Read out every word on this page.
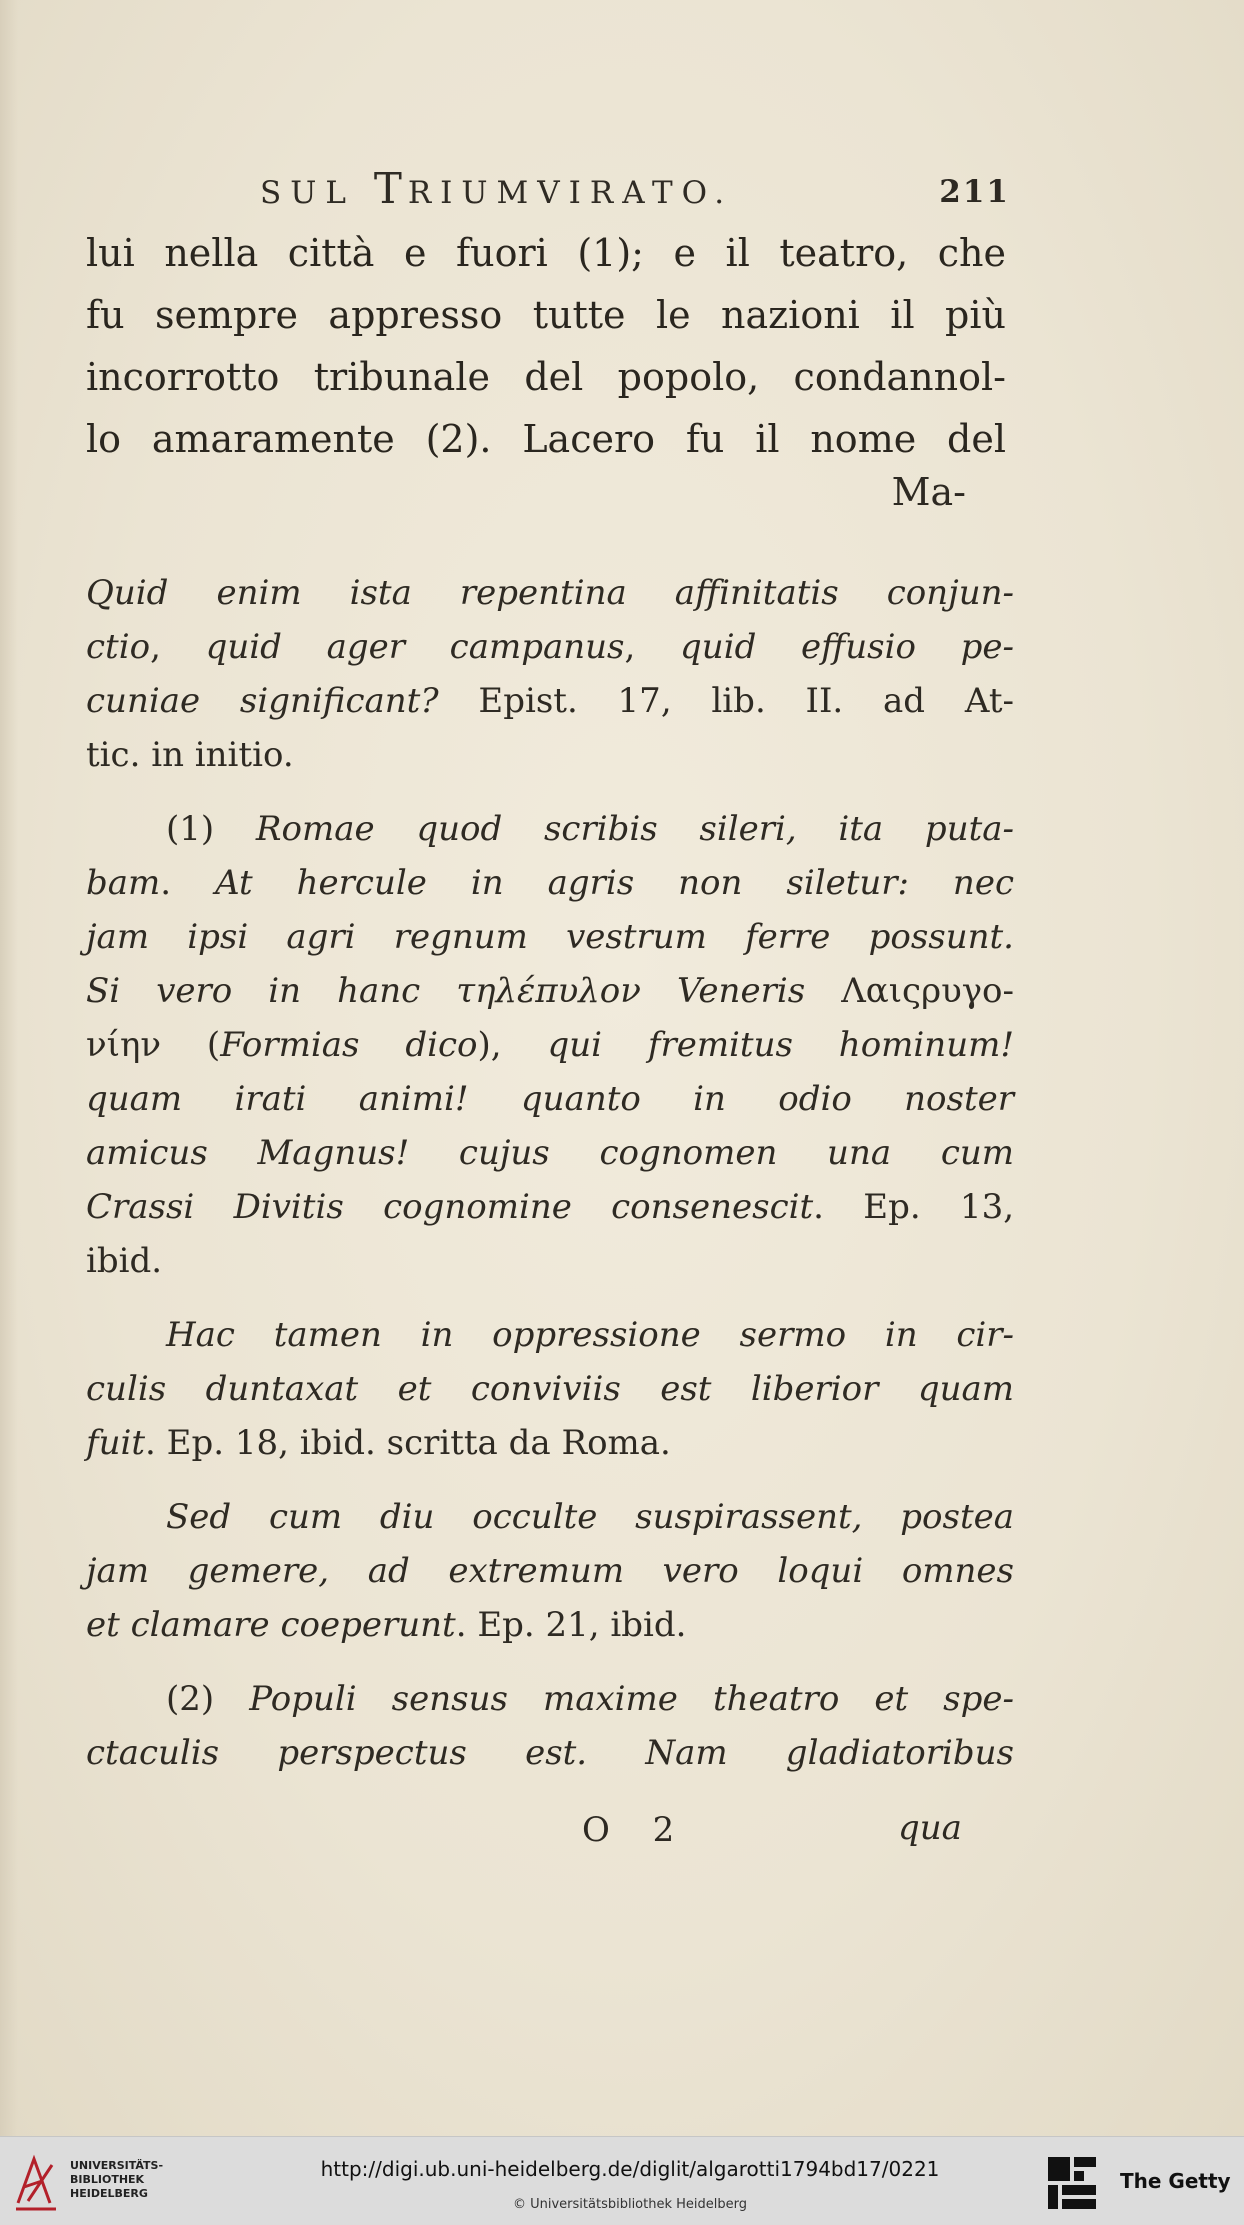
SUL TRIUMVIRATO.	211
lui nella città e fuori (1); e il teatro, che
fu sempre appresso tutte le nazioni il più
incorrotto tribunale del popolo, condannol-
lo amaramente (2). Lacero fu il nome del
Ma-
Quid enim ista repentina affinitatis conjun-
ctio, quid ager campanus, quid effusio pe-
cuniae significant? Epist. 17, lib. II. ad At-
tic. in initio.
(1) Romae quod scribis sileri, ita puta-
bam. At hercule in agris non siletur: nec
jam ipsi agri regnum vestrum ferre possunt.
Si vero in hanc τηλέπυλον Veneris Λαιςρυγο-
νίην (Formias dico), qui fremitus hominum!
quam irati animi! quanto in odio noster
amicus Magnus! cujus cognomen una cum
Crassi Divitis cognomine consenescit. Ep. 13,
ibid.
Hac tamen in oppressione sermo in cir-
culis duntaxat et conviviis est liberior quam
fuit. Ep. 18, ibid. scritta da Roma.
Sed cum diu occulte suspirassent, postea
jam gemere, ad extremum vero loqui omnes
et clamare coeperunt. Ep. 21, ibid.
(2) Populi sensus maxime theatro et spe-
ctaculis perspectus est. Nam gladiatoribus
O 2	qua
UNIVERSITÄTS-
BIBLIOTHEK
HEIDELBERG
http://digi.ub.uni-heidelberg.de/diglit/algarotti1794bd17/0221
© Universitätsbibliothek Heidelberg
The Getty
